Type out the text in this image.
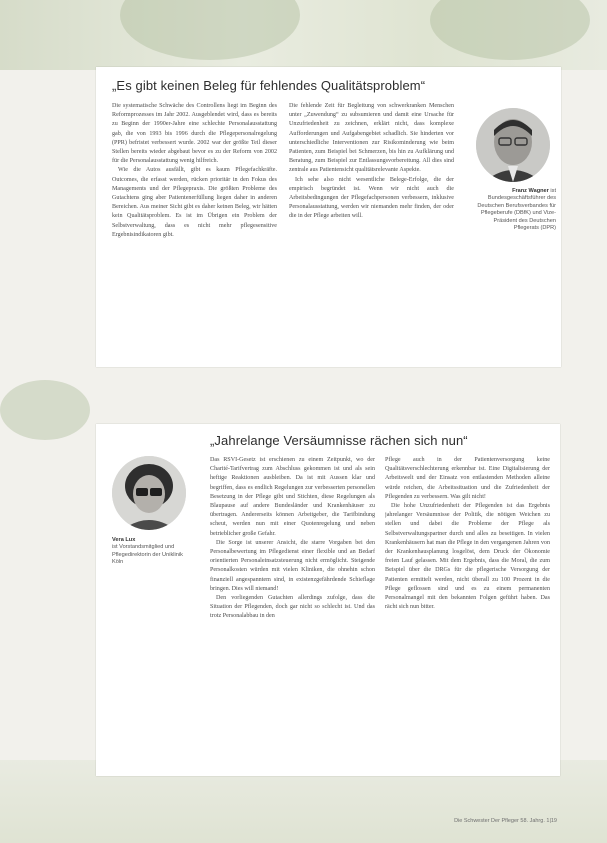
„Es gibt keinen Beleg für fehlendes Qualitätsproblem“

Die systematische Schwäche des Controllens liegt im Beginn des Reformprozesses im Jahr 2002. Ausgeblendet wird, dass es bereits zu Beginn der 1990er-Jahre eine schlechte Personalausstattung gab, die von 1993 bis 1996 durch die Pflegepersonalregelung (PPR) befristet verbessert wurde. 2002 war der größte Teil dieser Stellen bereits wieder abgebaut bevor es zu der Reform von 2002 für die Personalausstattung wenig hilfreich.

Wie die Autos ausfällt, gibt es kaum Pflegefachkräfte. Outcomes, die erfasst werden, rücken prioritär in den Fokus des Managements und der Pflegepraxis. Die größten Probleme des Gutachtens ging aber Patientenerfüllung liegen daher in anderen Bereichen. Aus meiner Sicht gibt es daher keinen Beleg, wir hätten kein Qualitätsproblem. Es ist im Übrigen ein Problem der Selbstverwaltung, dass es nicht mehr pflegesensitive Ergebnisindikatoren gibt.

Die fehlende Zeit für Begleitung von schwerkranken Menschen unter „Zuwendung“ zu subsumieren und damit eine Ursache für Unzufriedenheit zu zeichnen, erklärt nicht, dass komplexe Aufforderungen und Aufgabengebiet schadlich. Sie hinderten vor unterschiedliche Interventionen zur Risikominderung wie beim Patienten, zum Beispiel bei Schmerzen, bis hin zu Aufklärung und Beratung, zum Beispiel zur Entlassungsvorbereitung. All dies sind zentrale aus Patientensicht qualitätsrelevante Aspekte.

Ich sehe also nicht wesentliche Belege-Erfolge, die der empirisch begründet ist. Wenn wir nicht auch die Arbeitsbedingungen der Pflegefachpersonen verbessern, inklusive Personalausstattung, werden wir niemanden mehr finden, der oder die in der Pflege arbeiten will.

Franz Wagner ist Bundesgeschäftsführer des Deutschen Berufsverbandes für Pflegeberufe (DBfK) und Vize-Präsident des Deutschen Pflegerats (DPR)
„Jahrelange Versäumnisse rächen sich nun“

Das RSVI-Gesetz ist erschienen zu einem Zeitpunkt, wo der Charité-Tarifvertrag zum Abschluss gekommen ist und als sein heftige Reaktionen ausbleiben. Da ist mit Aussen klar und begriffen, dass es endlich Regelungen zur verbesserten personellen Besetzung in der Pflege gibt und Stichten, diese Regelungen als Blaupause auf andere Bundesländer und Krankenhäuser zu übertragen. Andererseits können Arbeitgeber, die Tarifbindung scheut, werden nun mit einer Quotenregelung und neben betrieblicher große Gefahr.

Die Sorge ist unserer Ansicht, die starre Vorgaben bei den Personalbewertung im Pflegedienst einer flexible und an Bedarf orientierten Personaleinsatzsteuerung nicht ermöglicht. Steigende Personalkosten würden mit vielen Kliniken, die ohnehin schon finanziell angespanntem sind, in existenzgefährdende Schieflage bringen. Dies will niemand!

Den vorliegenden Gutachten allerdings zufolge, dass die Situation der Pflegenden, doch gar nicht so schlecht ist. Und das trotz Personalabbau in den

Pflege auch in der Patientenversorgung keine Qualitätsverschlechterung erkennbar ist. Eine Digitalisierung der Arbeitswelt und der Einsatz von entlastenden Methoden alleine würde reichen, die Arbeitssituation und die Zufriedenheit der Pflegenden zu verbessern. Was gilt nicht!

Die hohe Unzufriedenheit der Pflegenden ist das Ergebnis jahrelanger Versäumnisse der Politik, die nötigen Weichen zu stellen und dabei die Probleme der Pflege als Selbstverwaltungspartner durch und alles zu beseitigen. In vielen Krankenhäusern hat man die Pflege in den vergangenen Jahren von der Krankenhausplanung losgelöst, dem Druck der Ökonomie freien Lauf gelassen. Mit dem Ergebnis, dass die Moral, die zum Beispiel über die DRGs für die pflegerische Versorgung der Patienten ermittelt werden, nicht überall zu 100 Prozent in die Pflege geflossen sind und es zu einem permanenten Personalmangel mit den bekannten Folgen geführt haben. Das rächt sich nun bitter.

Vera Lux
ist Vorstandsmitglied und Pflegedirektorin der Uniklinik Köln
Die Schwester Der Pfleger 58. Jahrg. 1|19
